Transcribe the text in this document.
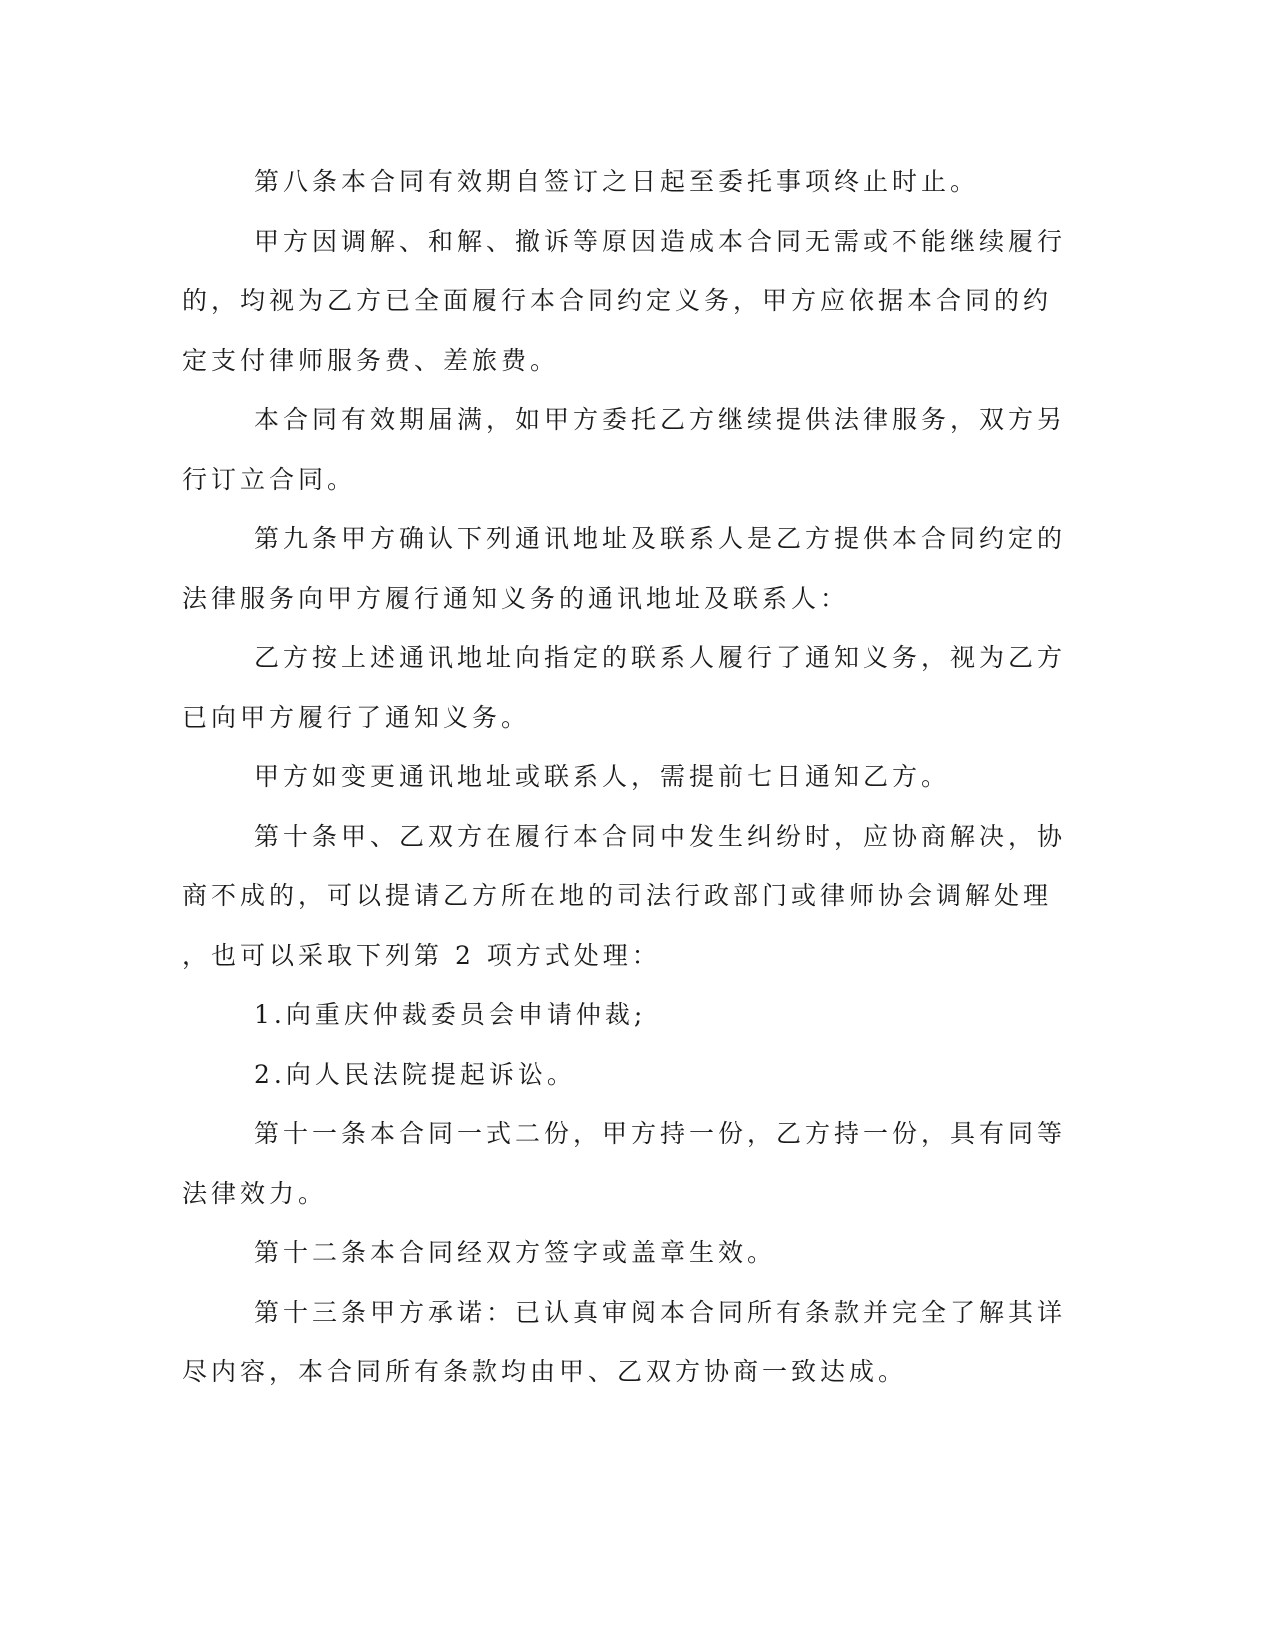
第八条本合同有效期自签订之日起至委托事项终止时止。
甲方因调解、和解、撤诉等原因造成本合同无需或不能继续履行
的，均视为乙方已全面履行本合同约定义务，甲方应依据本合同的约
定支付律师服务费、差旅费。
本合同有效期届满，如甲方委托乙方继续提供法律服务，双方另
行订立合同。
第九条甲方确认下列通讯地址及联系人是乙方提供本合同约定的
法律服务向甲方履行通知义务的通讯地址及联系人：
乙方按上述通讯地址向指定的联系人履行了通知义务，视为乙方
已向甲方履行了通知义务。
甲方如变更通讯地址或联系人，需提前七日通知乙方。
第十条甲、乙双方在履行本合同中发生纠纷时，应协商解决，协
商不成的，可以提请乙方所在地的司法行政部门或律师协会调解处理
，也可以采取下列第 2 项方式处理：
1.向重庆仲裁委员会申请仲裁;
2.向人民法院提起诉讼。
第十一条本合同一式二份，甲方持一份，乙方持一份，具有同等
法律效力。
第十二条本合同经双方签字或盖章生效。
第十三条甲方承诺：已认真审阅本合同所有条款并完全了解其详
尽内容，本合同所有条款均由甲、乙双方协商一致达成。
